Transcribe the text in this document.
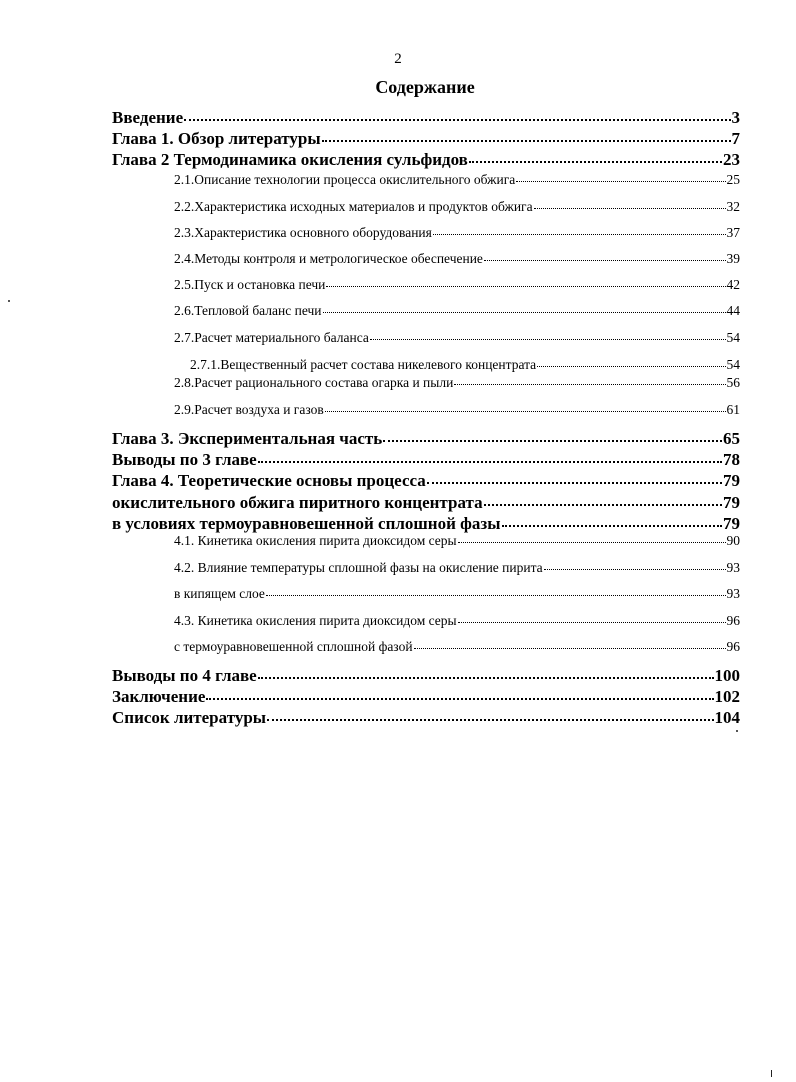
2
Содержание
Введение	3
Глава 1. Обзор литературы	7
Глава 2 Термодинамика окисления сульфидов	23
2.1.Описание технологии процесса окислительного обжига	25
2.2.Характеристика исходных материалов и продуктов обжига	32
2.3.Характеристика основного оборудования	37
2.4.Методы контроля и метрологическое обеспечение	39
2.5.Пуск и остановка печи	42
2.6.Тепловой баланс печи	44
2.7.Расчет материального баланса	54
2.7.1.Вещественный расчет состава никелевого концентрата	54
2.8.Расчет рационального состава огарка и пыли	56
2.9.Расчет воздуха и газов	61
Глава 3. Экспериментальная часть	65
Выводы по 3 главе	78
Глава 4. Теоретические основы процесса	79
окислительного обжига пиритного концентрата	79
в условиях термоуравновешенной сплошной фазы	79
4.1. Кинетика окисления пирита диоксидом серы	90
4.2. Влияние температуры сплошной фазы на окисление пирита	93
в кипящем слое	93
4.3. Кинетика окисления пирита диоксидом серы	96
с термоуравновешенной сплошной фазой	96
Выводы по 4 главе	100
Заключение	102
Список литературы	104
